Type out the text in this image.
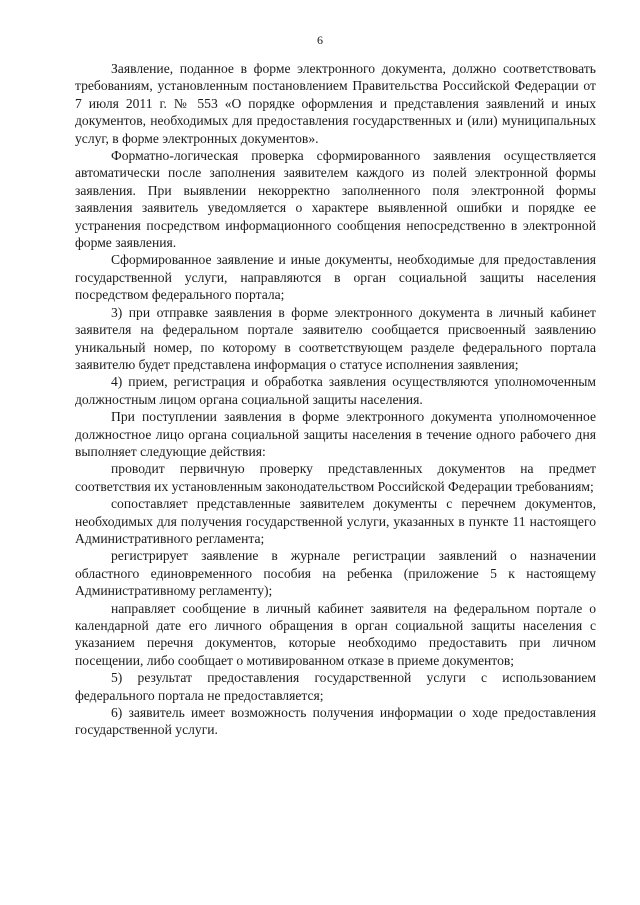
6

Заявление, поданное в форме электронного документа, должно соответствовать требованиям, установленным постановлением Правительства Российской Федерации от 7 июля 2011 г. № 553 «О порядке оформления и представления заявлений и иных документов, необходимых для предоставления государственных и (или) муниципальных услуг, в форме электронных документов».

Форматно-логическая проверка сформированного заявления осуществляется автоматически после заполнения заявителем каждого из полей электронной формы заявления. При выявлении некорректно заполненного поля электронной формы заявления заявитель уведомляется о характере выявленной ошибки и порядке ее устранения посредством информационного сообщения непосредственно в электронной форме заявления.

Сформированное заявление и иные документы, необходимые для предоставления государственной услуги, направляются в орган социальной защиты населения посредством федерального портала;

3) при отправке заявления в форме электронного документа в личный кабинет заявителя на федеральном портале заявителю сообщается присвоенный заявлению уникальный номер, по которому в соответствующем разделе федерального портала заявителю будет представлена информация о статусе исполнения заявления;

4) прием, регистрация и обработка заявления осуществляются уполномоченным должностным лицом органа социальной защиты населения.

При поступлении заявления в форме электронного документа уполномоченное должностное лицо органа социальной защиты населения в течение одного рабочего дня выполняет следующие действия:

проводит первичную проверку представленных документов на предмет соответствия их установленным законодательством Российской Федерации требованиям;

сопоставляет представленные заявителем документы с перечнем документов, необходимых для получения государственной услуги, указанных в пункте 11 настоящего Административного регламента;

регистрирует заявление в журнале регистрации заявлений о назначении областного единовременного пособия на ребенка (приложение 5 к настоящему Административному регламенту);

направляет сообщение в личный кабинет заявителя на федеральном портале о календарной дате его личного обращения в орган социальной защиты населения с указанием перечня документов, которые необходимо предоставить при личном посещении, либо сообщает о мотивированном отказе в приеме документов;

5) результат предоставления государственной услуги с использованием федерального портала не предоставляется;

6) заявитель имеет возможность получения информации о ходе предоставления государственной услуги.
